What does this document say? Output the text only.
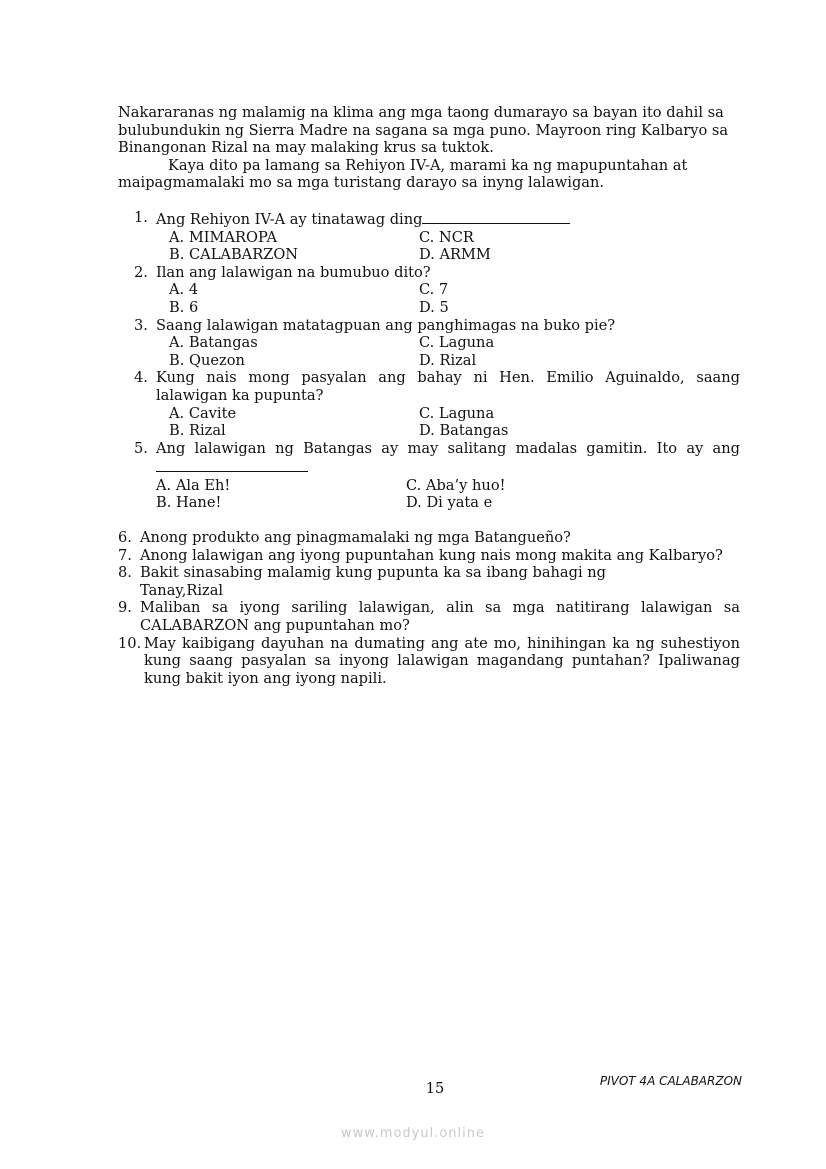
Nakararanas ng malamig na klima ang mga taong dumarayo sa bayan ito dahil sa bulubundukin ng Sierra Madre na sagana sa mga puno. Mayroon ring Kalbaryo sa Binangonan Rizal na may malaking krus sa tuktok.

Kaya dito pa lamang sa Rehiyon IV-A, marami ka ng mapupuntahan at maipagmamalaki mo sa mga turistang darayo sa inyng lalawigan.

1. Ang Rehiyon IV-A ay tinatawag ding
A. MIMAROPA	C. NCR
B. CALABARZON	D. ARMM
2. Ilan ang lalawigan na bumubuo dito?
A. 4	C. 7
B. 6	D. 5
3. Saang lalawigan matatagpuan ang panghimagas na buko pie?
A. Batangas	C. Laguna
B. Quezon	D. Rizal
4. Kung nais mong pasyalan ang bahay ni Hen. Emilio Aguinaldo, saang lalawigan ka pupunta?
A. Cavite	C. Laguna
B. Rizal	D. Batangas
5. Ang lalawigan ng Batangas ay may salitang madalas gamitin. Ito ay ang
A. Ala Eh!	C. Aba’y huo!
B. Hane!	D. Di yata e
6. Anong produkto ang pinagmamalaki ng mga Batangueño?
7. Anong lalawigan ang iyong pupuntahan kung nais mong makita ang Kalbaryo?
8. Bakit sinasabing malamig kung pupunta ka sa ibang bahagi ng Tanay,Rizal
9. Maliban sa iyong sariling lalawigan, alin sa mga natitirang lalawigan sa CALABARZON ang pupuntahan mo?
10. May kaibigang dayuhan na dumating ang ate mo, hinihingan ka ng suhestiyon kung saang pasyalan sa inyong lalawigan magandang puntahan? Ipaliwanag kung bakit iyon ang iyong napili.
15	PIVOT 4A CALABARZON
www.modyul.online
